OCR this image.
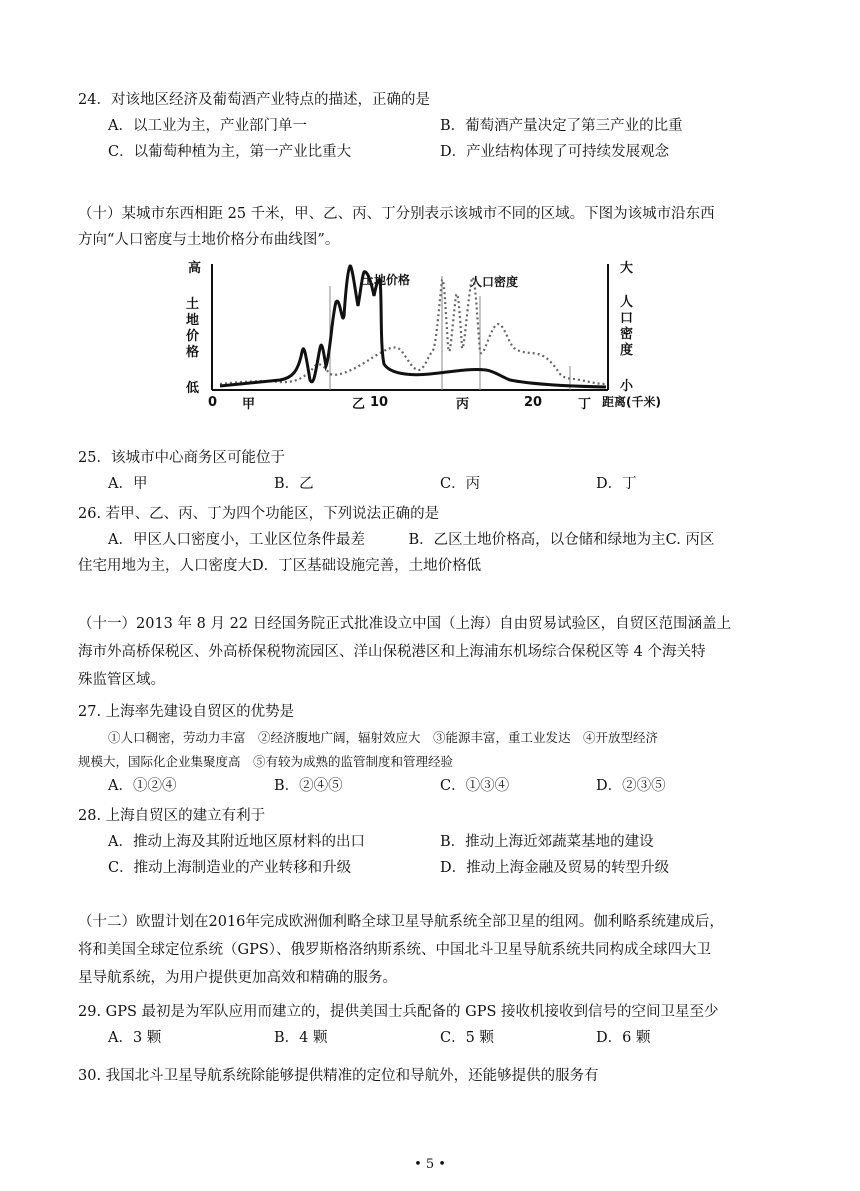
24．对该地区经济及葡萄酒产业特点的描述，正确的是
A．以工业为主，产业部门单一	B．葡萄酒产量决定了第三产业的比重
C．以葡萄种植为主，第一产业比重大	D．产业结构体现了可持续发展观念
（十）某城市东西相距 25 千米，甲、乙、丙、丁分别表示该城市不同的区域。下图为该城市沿东西
方向“人口密度与土地价格分布曲线图”。
高
土
地
价
格
低
大
人
口
密
度
小
土地价格	人口密度
0	10	20
甲	乙	丙	丁 距离(千米)
25．该城市中心商务区可能位于
A．甲	B．乙	C．丙	D．丁
26. 若甲、乙、丙、丁为四个功能区，下列说法正确的是
A．甲区人口密度小，工业区位条件最差　　　B．乙区土地价格高，以仓储和绿地为主C. 丙区
住宅用地为主，人口密度大D．丁区基础设施完善，土地价格低
（十一）2013 年 8 月 22 日经国务院正式批准设立中国（上海）自由贸易试验区，自贸区范围涵盖上
海市外高桥保税区、外高桥保税物流园区、洋山保税港区和上海浦东机场综合保税区等 4 个海关特
殊监管区域。
27. 上海率先建设自贸区的优势是
①人口稠密，劳动力丰富　②经济腹地广阔，辐射效应大　③能源丰富，重工业发达　④开放型经济
规模大，国际化企业集聚度高　⑤有较为成熟的监管制度和管理经验
A．①②④	B．②④⑤	C．①③④	D．②③⑤
28. 上海自贸区的建立有利于
A．推动上海及其附近地区原材料的出口	B．推动上海近郊蔬菜基地的建设
C．推动上海制造业的产业转移和升级	D．推动上海金融及贸易的转型升级
（十二）欧盟计划在2016年完成欧洲伽利略全球卫星导航系统全部卫星的组网。伽利略系统建成后，
将和美国全球定位系统（GPS）、俄罗斯格洛纳斯系统、中国北斗卫星导航系统共同构成全球四大卫
星导航系统，为用户提供更加高效和精确的服务。
29. GPS 最初是为军队应用而建立的，提供美国士兵配备的 GPS 接收机接收到信号的空间卫星至少
A．3 颗	B．4 颗	C．5 颗	D．6 颗
30. 我国北斗卫星导航系统除能够提供精准的定位和导航外，还能够提供的服务有
• 5 •
